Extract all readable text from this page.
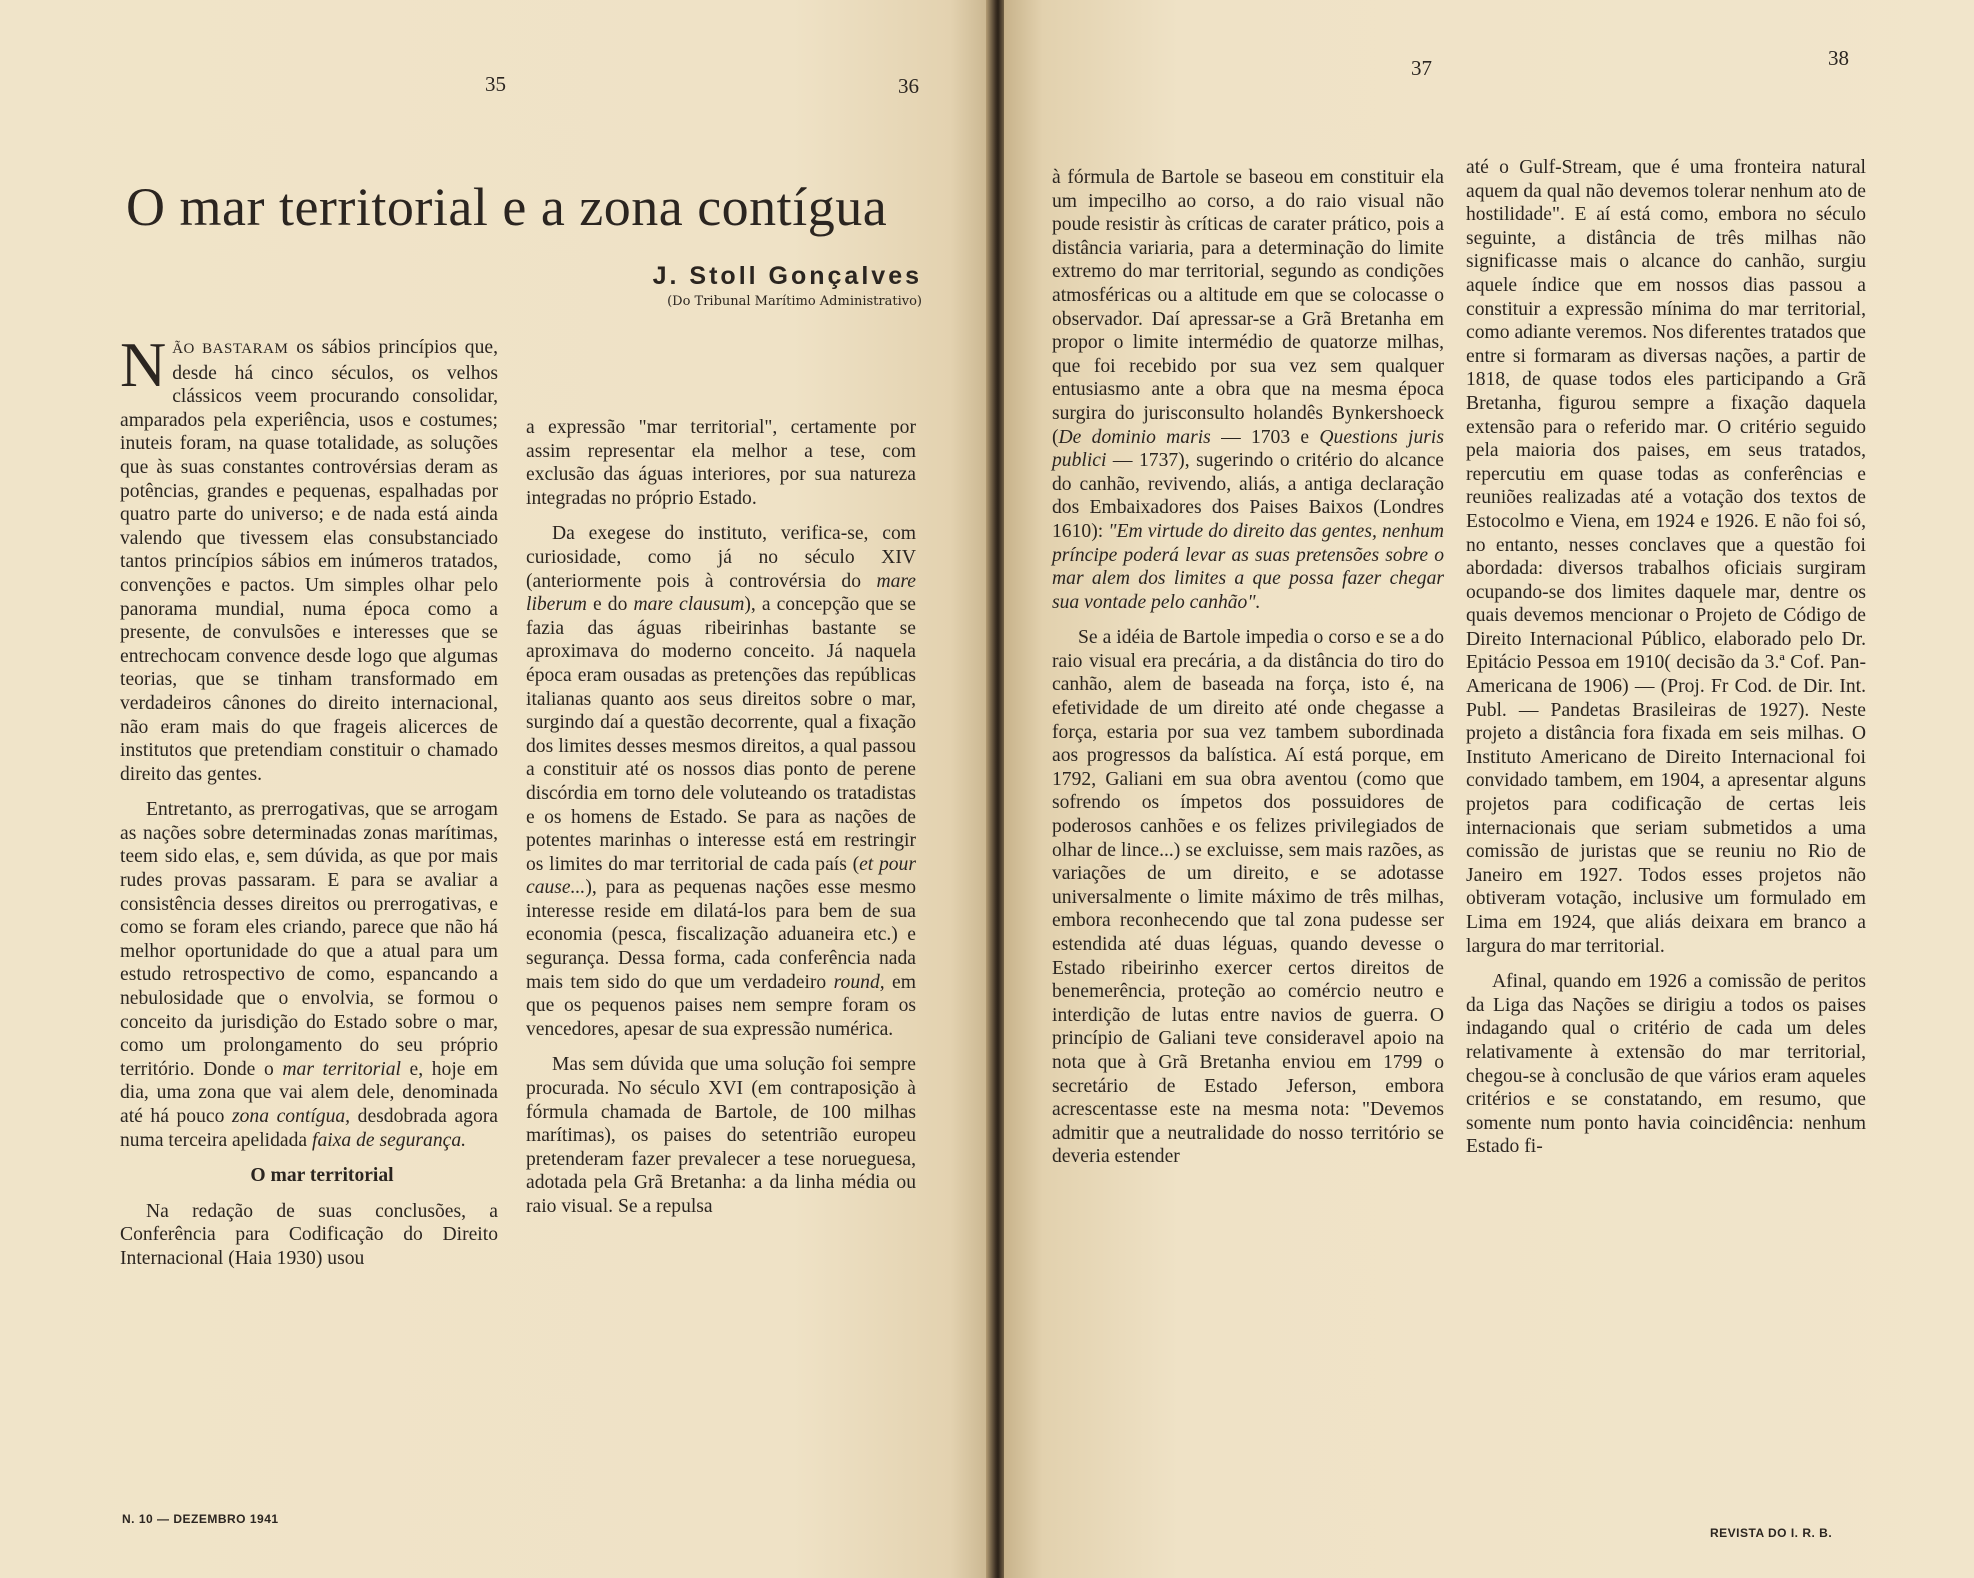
35	36
O mar territorial e a zona contígua
J. Stoll Gonçalves
(Do Tribunal Marítimo Administrativo)

NÃO BASTARAM os sábios princípios que, desde há cinco séculos, os velhos clássicos veem procurando consolidar, amparados pela experiência, usos e costumes; inuteis foram, na quase totalidade, as soluções que às suas constantes controvérsias deram as potências, grandes e pequenas, espalhadas por quatro parte do universo; e de nada está ainda valendo que tivessem elas consubstanciado tantos princípios sábios em inúmeros tratados, convenções e pactos. Um simples olhar pelo panorama mundial, numa época como a presente, de convulsões e interesses que se entrechocam convence desde logo que algumas teorias, que se tinham transformado em verdadeiros cânones do direito internacional, não eram mais do que frageis alicerces de institutos que pretendiam constituir o chamado direito das gentes.

Entretanto, as prerrogativas, que se arrogam as nações sobre determinadas zonas marítimas, teem sido elas, e, sem dúvida, as que por mais rudes provas passaram. E para se avaliar a consistência desses direitos ou prerrogativas, e como se foram eles criando, parece que não há melhor oportunidade do que a atual para um estudo retrospectivo de como, espancando a nebulosidade que o envolvia, se formou o conceito da jurisdição do Estado sobre o mar, como um prolongamento do seu próprio território. Donde o mar territorial e, hoje em dia, uma zona que vai alem dele, denominada até há pouco zona contígua, desdobrada agora numa terceira apelidada faixa de segurança.

O mar territorial

Na redação de suas conclusões, a Conferência para Codificação do Direito Internacional (Haia 1930) usou

a expressão "mar territorial", certamente por assim representar ela melhor a tese, com exclusão das águas interiores, por sua natureza integradas no próprio Estado.

Da exegese do instituto, verifica-se, com curiosidade, como já no século XIV (anteriormente pois à controvérsia do mare liberum e do mare clausum), a concepção que se fazia das águas ribeirinhas bastante se aproximava do moderno conceito. Já naquela época eram ousadas as pretenções das repúblicas italianas quanto aos seus direitos sobre o mar, surgindo daí a questão decorrente, qual a fixação dos limites desses mesmos direitos, a qual passou a constituir até os nossos dias ponto de perene discórdia em torno dele voluteando os tratadistas e os homens de Estado. Se para as nações de potentes marinhas o interesse está em restringir os limites do mar territorial de cada país (et pour cause...), para as pequenas nações esse mesmo interesse reside em dilatá-los para bem de sua economia (pesca, fiscalização aduaneira etc.) e segurança. Dessa forma, cada conferência nada mais tem sido do que um verdadeiro round, em que os pequenos paises nem sempre foram os vencedores, apesar de sua expressão numérica.

Mas sem dúvida que uma solução foi sempre procurada. No século XVI (em contraposição à fórmula chamada de Bartole, de 100 milhas marítimas), os paises do setentrião europeu pretenderam fazer prevalecer a tese norueguesa, adotada pela Grã Bretanha: a da linha média ou raio visual. Se a repulsa

N. 10 — DEZEMBRO 1941
37	38

à fórmula de Bartole se baseou em constituir ela um impecilho ao corso, a do raio visual não poude resistir às críticas de carater prático, pois a distância variaria, para a determinação do limite extremo do mar territorial, segundo as condições atmosféricas ou a altitude em que se colocasse o observador. Daí apressar-se a Grã Bretanha em propor o limite intermédio de quatorze milhas, que foi recebido por sua vez sem qualquer entusiasmo ante a obra que na mesma época surgira do jurisconsulto holandês Bynkershoeck (De dominio maris — 1703 e Questions juris publici — 1737), sugerindo o critério do alcance do canhão, revivendo, aliás, a antiga declaração dos Embaixadores dos Paises Baixos (Londres 1610): "Em virtude do direito das gentes, nenhum príncipe poderá levar as suas pretensões sobre o mar alem dos limites a que possa fazer chegar sua vontade pelo canhão".

Se a idéia de Bartole impedia o corso e se a do raio visual era precária, a da distância do tiro do canhão, alem de baseada na força, isto é, na efetividade de um direito até onde chegasse a força, estaria por sua vez tambem subordinada aos progressos da balística. Aí está porque, em 1792, Galiani em sua obra aventou (como que sofrendo os ímpetos dos possuidores de poderosos canhões e os felizes privilegiados de olhar de lince...) se excluisse, sem mais razões, as variações de um direito, e se adotasse universalmente o limite máximo de três milhas, embora reconhecendo que tal zona pudesse ser estendida até duas léguas, quando devesse o Estado ribeirinho exercer certos direitos de benemerência, proteção ao comércio neutro e interdição de lutas entre navios de guerra. O princípio de Galiani teve consideravel apoio na nota que à Grã Bretanha enviou em 1799 o secretário de Estado Jeferson, embora acrescentasse este na mesma nota: "Devemos admitir que a neutralidade do nosso território se deveria estender

até o Gulf-Stream, que é uma fronteira natural aquem da qual não devemos tolerar nenhum ato de hostilidade". E aí está como, embora no século seguinte, a distância de três milhas não significasse mais o alcance do canhão, surgiu aquele índice que em nossos dias passou a constituir a expressão mínima do mar territorial, como adiante veremos. Nos diferentes tratados que entre si formaram as diversas nações, a partir de 1818, de quase todos eles participando a Grã Bretanha, figurou sempre a fixação daquela extensão para o referido mar. O critério seguido pela maioria dos paises, em seus tratados, repercutiu em quase todas as conferências e reuniões realizadas até a votação dos textos de Estocolmo e Viena, em 1924 e 1926. E não foi só, no entanto, nesses conclaves que a questão foi abordada: diversos trabalhos oficiais surgiram ocupando-se dos limites daquele mar, dentre os quais devemos mencionar o Projeto de Código de Direito Internacional Público, elaborado pelo Dr. Epitácio Pessoa em 1910( decisão da 3.ª Cof. Pan-Americana de 1906) — (Proj. Fr Cod. de Dir. Int. Publ. — Pandetas Brasileiras de 1927). Neste projeto a distância fora fixada em seis milhas. O Instituto Americano de Direito Internacional foi convidado tambem, em 1904, a apresentar alguns projetos para codificação de certas leis internacionais que seriam submetidos a uma comissão de juristas que se reuniu no Rio de Janeiro em 1927. Todos esses projetos não obtiveram votação, inclusive um formulado em Lima em 1924, que aliás deixara em branco a largura do mar territorial.

Afinal, quando em 1926 a comissão de peritos da Liga das Nações se dirigiu a todos os paises indagando qual o critério de cada um deles relativamente à extensão do mar territorial, chegou-se à conclusão de que vários eram aqueles critérios e se constatando, em resumo, que somente num ponto havia coincidência: nenhum Estado fi-

REVISTA DO I. R. B.
